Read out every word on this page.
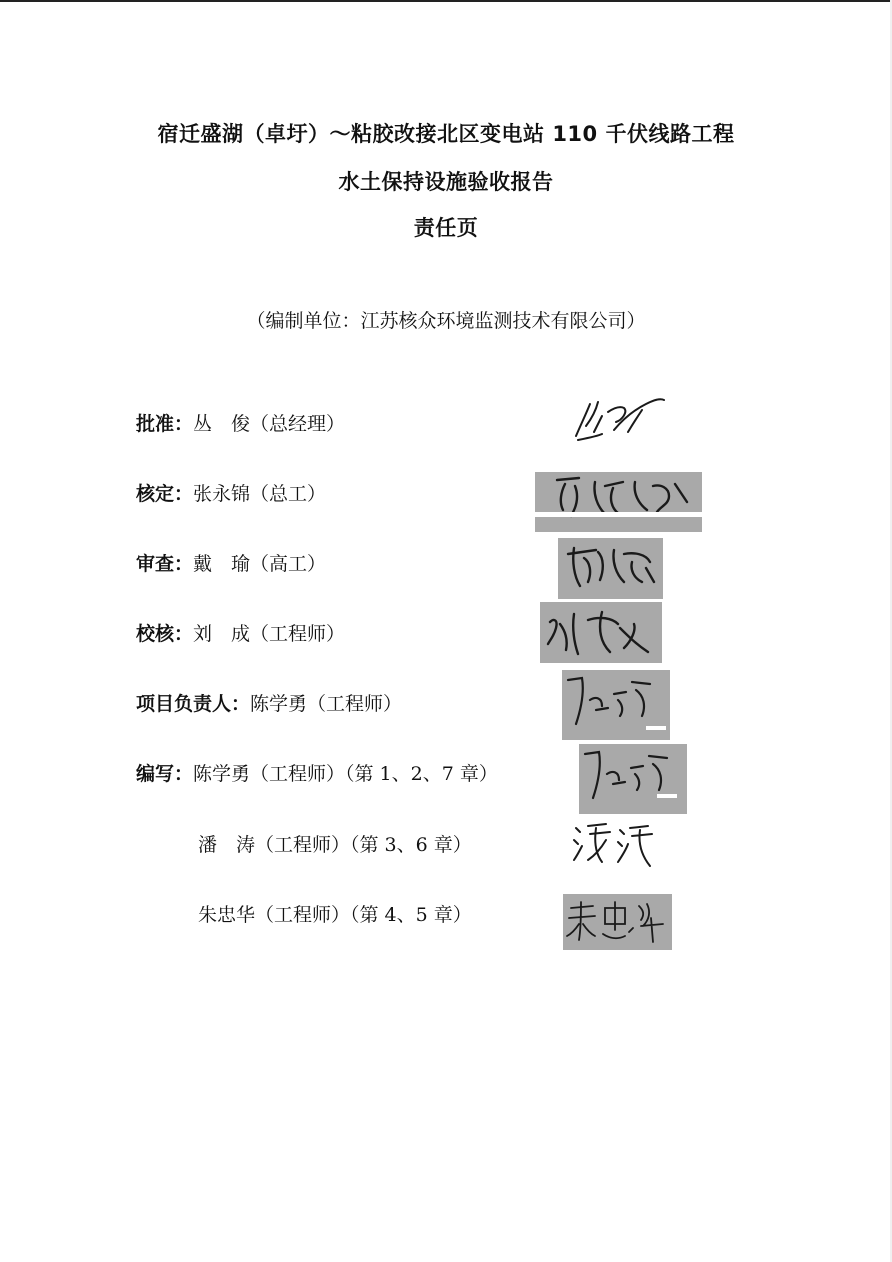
宿迁盛湖（卓圩）～粘胶改接北区变电站 110 千伏线路工程
水土保持设施验收报告
责任页
（编制单位：江苏核众环境监测技术有限公司）
批准：丛　俊（总经理）
核定：张永锦（总工）
审查：戴　瑜（高工）
校核：刘　成（工程师）
项目负责人：陈学勇（工程师）
编写：陈学勇（工程师）（第 1、2、7 章）
潘　涛（工程师）（第 3、6 章）
朱忠华（工程师）（第 4、5 章）
